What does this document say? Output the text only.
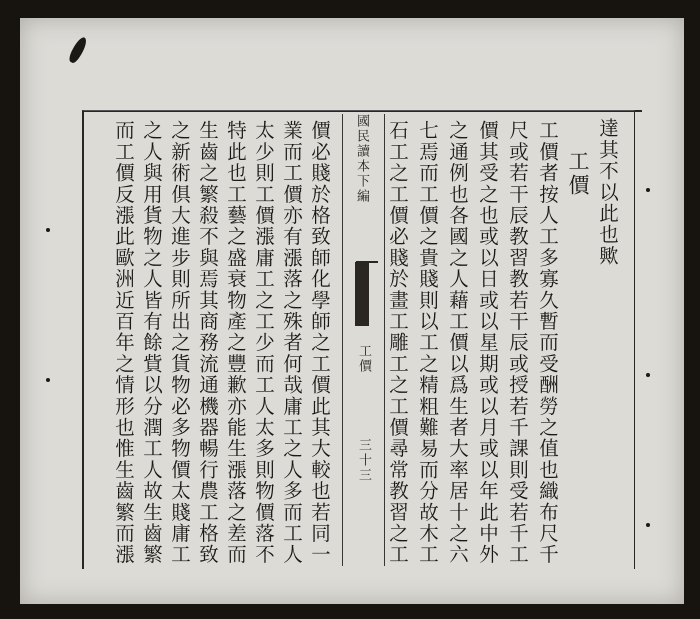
達其不以此也歟
工價
工價者按人工多寡久暫而受酬勞之值也織布尺千
尺或若干辰教習教若干辰或授若千課則受若千工
價其受之也或以日或以星期或以月或以年此中外
之通例也各國之人藉工價以爲生者大率居十之六
七焉而工價之貴賤則以工之精粗難易而分故木工
石工之工價必賤於畫工雕工之工價尋常教習之工
國民讀本下編
工價
三十三
價必賤於格致師化學師之工價此其大較也若同一
業而工價亦有漲落之殊者何哉庸工之人多而工人
太少則工價漲庸工之工少而工人太多則物價落不
特此也工藝之盛衰物產之豐歉亦能生漲落之差而
生齒之繁殺不與焉其商務流通機器暢行農工格致
之新術俱大進步則所出之貨物必多物價太賤庸工
之人與用貨物之人皆有餘貲以分潤工人故生齒繁
而工價反漲此歐洲近百年之情形也惟生齒繁而漲
